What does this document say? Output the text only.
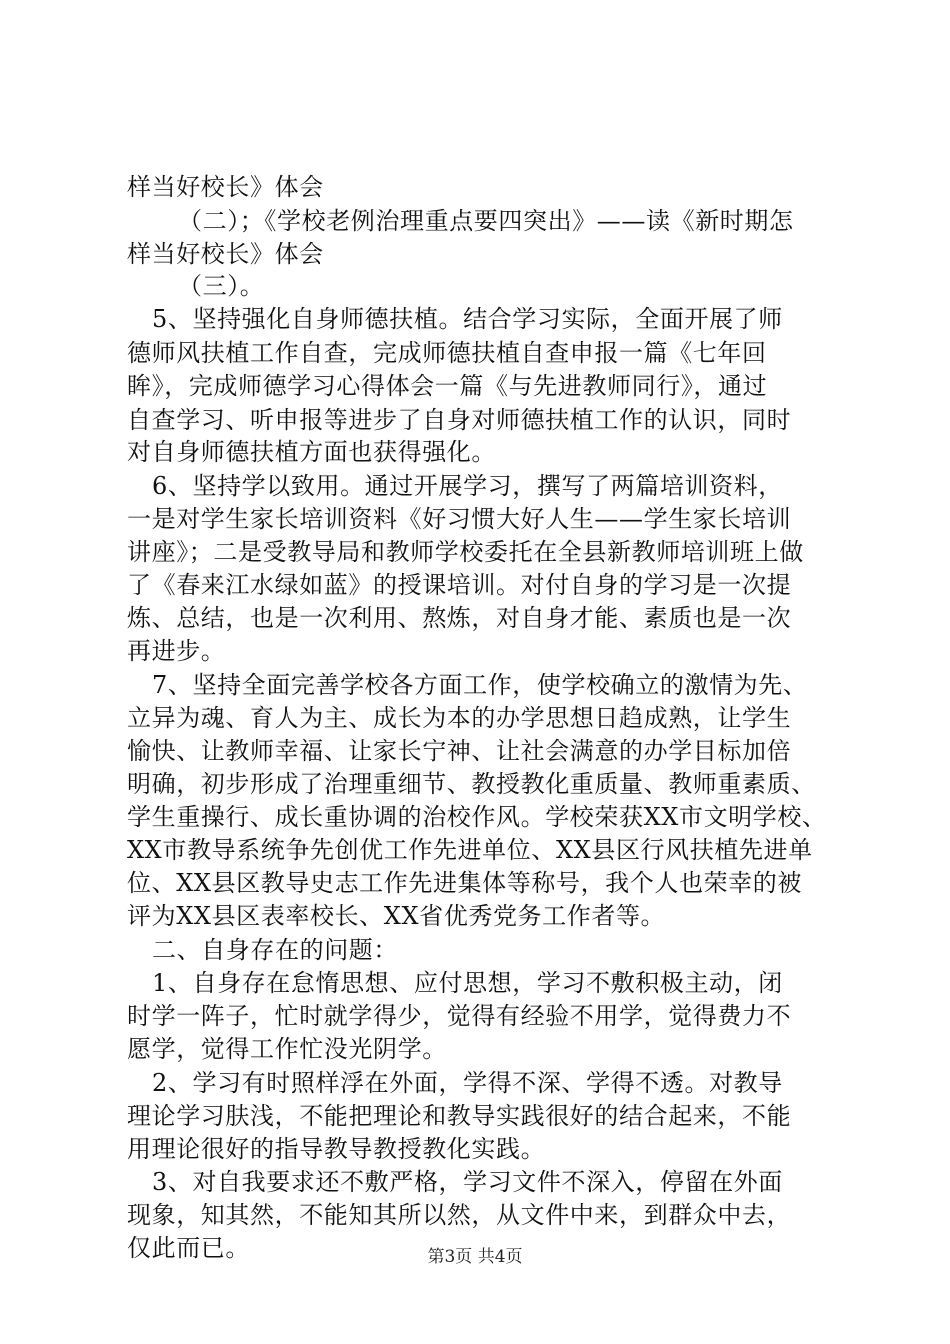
样当好校长》体会
（二）；《学校老例治理重点要四突出》——读《新时期怎
样当好校长》体会
（三）。
5、坚持强化自身师德扶植。结合学习实际，全面开展了师
德师风扶植工作自查，完成师德扶植自查申报一篇《七年回
眸》，完成师德学习心得体会一篇《与先进教师同行》，通过
自查学习、听申报等进步了自身对师德扶植工作的认识，同时
对自身师德扶植方面也获得强化。
6、坚持学以致用。通过开展学习，撰写了两篇培训资料，
一是对学生家长培训资料《好习惯大好人生——学生家长培训
讲座》；二是受教导局和教师学校委托在全县新教师培训班上做
了《春来江水绿如蓝》的授课培训。对付自身的学习是一次提
炼、总结，也是一次利用、熬炼，对自身才能、素质也是一次
再进步。
7、坚持全面完善学校各方面工作，使学校确立的激情为先、
立异为魂、育人为主、成长为本的办学思想日趋成熟，让学生
愉快、让教师幸福、让家长宁神、让社会满意的办学目标加倍
明确，初步形成了治理重细节、教授教化重质量、教师重素质、
学生重操行、成长重协调的治校作风。学校荣获XX市文明学校、
XX市教导系统争先创优工作先进单位、XX县区行风扶植先进单
位、XX县区教导史志工作先进集体等称号，我个人也荣幸的被
评为XX县区表率校长、XX省优秀党务工作者等。
二、自身存在的问题：
1、自身存在怠惰思想、应付思想，学习不敷积极主动，闭
时学一阵子，忙时就学得少，觉得有经验不用学，觉得费力不
愿学，觉得工作忙没光阴学。
2、学习有时照样浮在外面，学得不深、学得不透。对教导
理论学习肤浅，不能把理论和教导实践很好的结合起来，不能
用理论很好的指导教导教授教化实践。
3、对自我要求还不敷严格，学习文件不深入，停留在外面
现象，知其然，不能知其所以然，从文件中来，到群众中去，
仅此而已。	第3页 共4页
